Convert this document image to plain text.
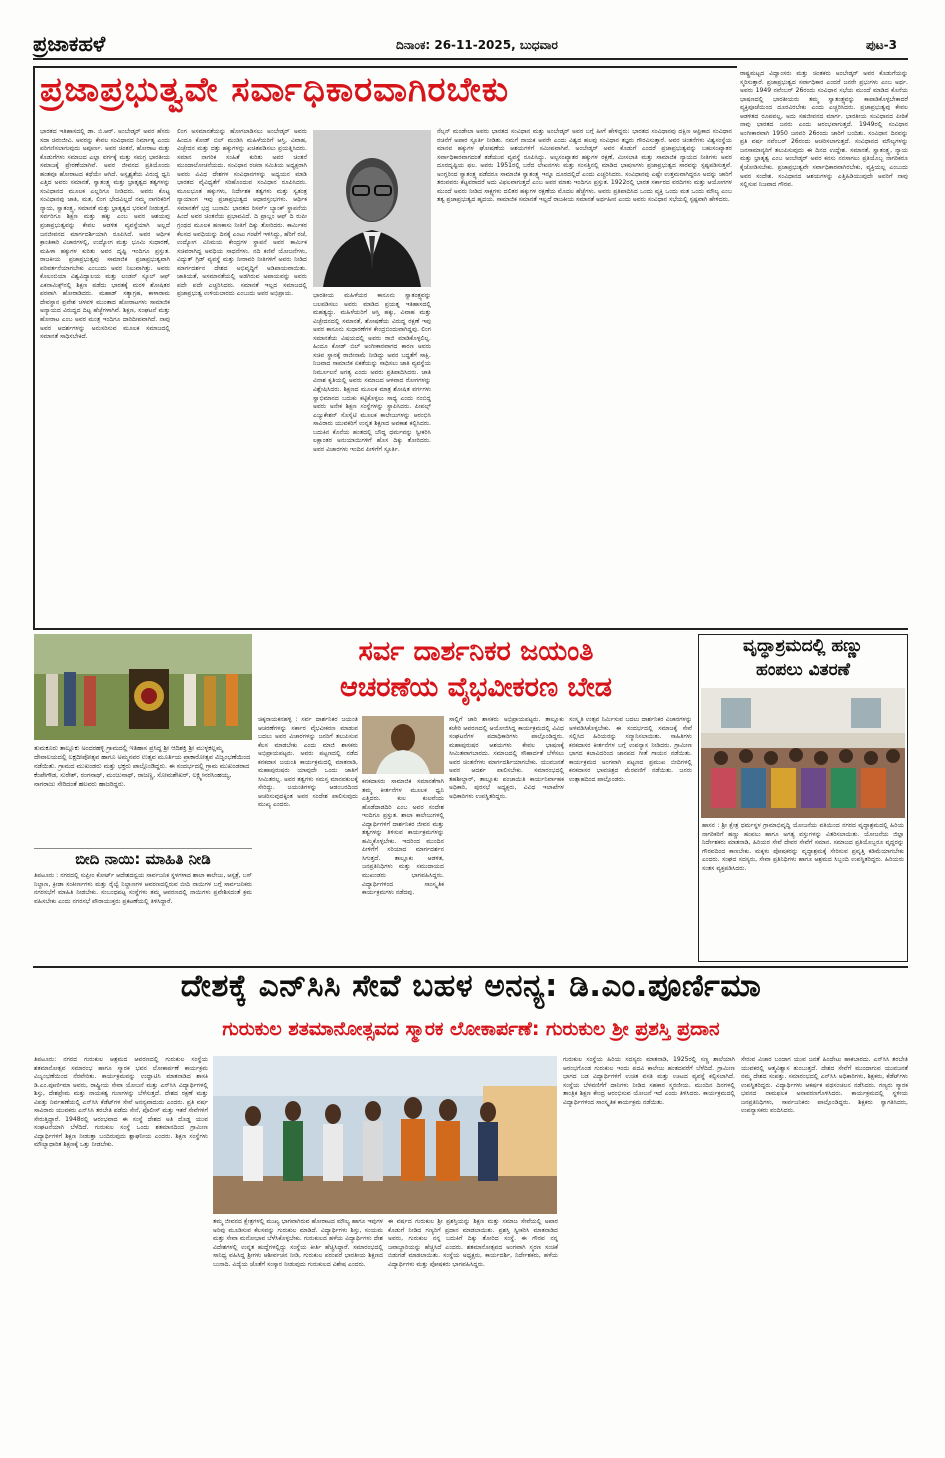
ಪ್ರಜಾಕಹಳೆ	ದಿನಾಂಕ: 26-11-2025, ಬುಧವಾರ	ಪುಟ-3
ಪ್ರಜಾಪ್ರಭುತ್ವವೇ ಸರ್ವಾಧಿಕಾರವಾಗಿರಬೇಕು
ಭಾರತದ ಇತಿಹಾಸದಲ್ಲಿ ಡಾ. ಬಿ.ಆರ್. ಅಂಬೇಡ್ಕರ್ ಅವರ ಹೆಸರು ಸದಾ ಚಿರಂಜೀವಿ. ಅವರನ್ನು ಕೇವಲ ಸಂವಿಧಾನದ ನಿರ್ಮಾತೃ ಎಂದು ಪರಿಗಣಿಸಲಾಗುವುದು ಅಪೂರ್ಣ. ಅವರ ಚಿಂತನೆ, ಹೋರಾಟ ಮತ್ತು ಕೊಡುಗೆಗಳು ಸಮಾಜದ ಎಲ್ಲಾ ವರ್ಗಕ್ಕೆ ಮತ್ತು ಸಮಗ್ರ ಭಾರತೀಯ ಸಮಾಜಕ್ಕೆ ಪ್ರೇರಣೆಯಾಗಿವೆ. ಅವರ ಜೀವನದ ಪ್ರತಿಯೊಂದು ಹಂತವೂ ಹೋರಾಟದ ಕಥೆಯೇ ಆಗಿದೆ. ಅಸ್ಪೃಶ್ಯತೆಯ ವಿರುದ್ಧ ಧ್ವನಿ ಎತ್ತಿದ ಅವರು ಸಮಾನತೆ, ಸ್ವಾತಂತ್ರ್ಯ ಮತ್ತು ಭ್ರಾತೃತ್ವದ ತತ್ವಗಳನ್ನು ಸಂವಿಧಾನದ ಮೂಲಕ ಎಲ್ಲರಿಗೂ ನೀಡಿದರು. ಅವರು ಕೊಟ್ಟ ಸಂವಿಧಾನವು ಜಾತಿ, ಮತ, ಲಿಂಗ ಭೇದವಿಲ್ಲದೆ ನಮ್ಮ ನಾಗರಿಕರಿಗೆ ನ್ಯಾಯ, ಸ್ವಾತಂತ್ರ್ಯ, ಸಮಾನತೆ ಮತ್ತು ಭ್ರಾತೃತ್ವದ ಭರವಸೆ ನೀಡುತ್ತದೆ. ಸರ್ವರಿಗೂ ಶಿಕ್ಷಣ ಮತ್ತು ಹಕ್ಕು ಎಂಬ ಅವರ ಆಶಯವು ಪ್ರಜಾಪ್ರಭುತ್ವವನ್ನು ಕೇವಲ ಆಡಳಿತ ವ್ಯವಸ್ಥೆಯಾಗಿ ಅಲ್ಲದೆ ಜನಜೀವನದ ಮಾರ್ಗದರ್ಶಿಯಾಗಿ ರೂಪಿಸಿದೆ. ಅವರ ಆರ್ಥಿಕ ಕ್ರಾಂತಿಕಾರಿ ವಿಚಾರಗಳಲ್ಲಿ, ಉದ್ಯೋಗ ಮತ್ತು ಭೂಮಿ ಸುಧಾರಣೆ, ಮಹಿಳಾ ಹಕ್ಕುಗಳ ಕುರಿತು ಅವರ ದೃಷ್ಟಿ ಇಂದಿಗೂ ಪ್ರಸ್ತುತ. ರಾಜಕೀಯ ಪ್ರಜಾಪ್ರಭುತ್ವವು ಸಾಮಾಜಿಕ ಪ್ರಜಾಪ್ರಭುತ್ವವಾಗಿ ಪರಿವರ್ತನೆಯಾಗಬೇಕು ಎಂಬುದು ಅವರ ನಿಲುವಾಗಿತ್ತು. ಅವರು ಕೊಲಂಬಿಯಾ ವಿಶ್ವವಿದ್ಯಾಲಯ ಮತ್ತು ಲಂಡನ್ ಸ್ಕೂಲ್ ಆಫ್ ಎಕನಾಮಿಕ್ಸ್‌ನಲ್ಲಿ ಶಿಕ್ಷಣ ಪಡೆದು ಭಾರತಕ್ಕೆ ಮರಳಿ ಶೋಷಿತರ ಪರವಾಗಿ ಹೋರಾಡಿದರು. ಮಹಾಡ್ ಸತ್ಯಾಗ್ರಹ, ಕಾಳಾರಾಮ ದೇವಸ್ಥಾನ ಪ್ರವೇಶ ಚಳವಳಿ ಮುಂತಾದ ಹೋರಾಟಗಳು ಸಾಮಾಜಿಕ ಅನ್ಯಾಯದ ವಿರುದ್ಧದ ದಿಟ್ಟ ಹೆಜ್ಜೆಗಳಾಗಿವೆ. ಶಿಕ್ಷಣ, ಸಂಘಟನೆ ಮತ್ತು ಹೋರಾಟ ಎಂಬ ಅವರ ಮಂತ್ರ ಇಂದಿಗೂ ದಾರಿದೀಪವಾಗಿದೆ. ನಾವು ಅವರ ಆದರ್ಶಗಳನ್ನು ಅನುಸರಿಸುವ ಮೂಲಕ ಸಮಾಜದಲ್ಲಿ ಸಮಾನತೆ ಸಾಧಿಸಬೇಕಿದೆ.
ಲಿಂಗ ಅಸಮಾನತೆಯನ್ನು ಹೋಗಲಾಡಿಸಲು ಅಂಬೇಡ್ಕರ್ ಅವರು ಹಿಂದೂ ಕೋಡ್ ಬಿಲ್ ಮಂಡಿಸಿ ಮಹಿಳೆಯರಿಗೆ ಆಸ್ತಿ, ವಿವಾಹ, ವಿಚ್ಛೇದನ ಮತ್ತು ದತ್ತು ಹಕ್ಕುಗಳನ್ನು ಖಚಿತಪಡಿಸಲು ಪ್ರಯತ್ನಿಸಿದರು. ಸಮಾನ ನಾಗರಿಕ ಸಂಹಿತೆ ಕುರಿತು ಅವರ ಚಿಂತನೆ ಮುಂದಾಲೋಚನೆಯದು. ಸಂವಿಧಾನ ರಚನಾ ಸಮಿತಿಯ ಅಧ್ಯಕ್ಷರಾಗಿ ಅವರು ವಿವಿಧ ದೇಶಗಳ ಸಂವಿಧಾನಗಳನ್ನು ಅಧ್ಯಯನ ಮಾಡಿ ಭಾರತದ ವೈವಿಧ್ಯತೆಗೆ ಸರಿಹೊಂದುವ ಸಂವಿಧಾನ ರೂಪಿಸಿದರು. ಮೂಲಭೂತ ಹಕ್ಕುಗಳು, ನಿರ್ದೇಶಕ ತತ್ವಗಳು ಮತ್ತು ಸ್ವತಂತ್ರ ನ್ಯಾಯಾಂಗ ಇವು ಪ್ರಜಾಪ್ರಭುತ್ವದ ಆಧಾರಸ್ತಂಭಗಳು. ಆರ್ಥಿಕ ಸಮಾನತೆಗೆ ಭದ್ರ ಬುನಾದಿ: ಭಾರತದ ರಿಸರ್ವ್ ಬ್ಯಾಂಕ್ ಸ್ಥಾಪನೆಯ ಹಿಂದೆ ಅವರ ಚಿಂತನೆಯ ಪ್ರಭಾವವಿದೆ. ದಿ ಪ್ರಾಬ್ಲಂ ಆಫ್ ದಿ ರುಪೀ ಗ್ರಂಥದ ಮೂಲಕ ಹಣಕಾಸು ನೀತಿಗೆ ದಿಕ್ಕು ತೋರಿದರು. ಕಾರ್ಮಿಕರ ಕೆಲಸದ ಅವಧಿಯನ್ನು ದಿನಕ್ಕೆ ಎಂಟು ಗಂಟೆಗೆ ಇಳಿಸಿದ್ದು, ಹೆರಿಗೆ ರಜೆ, ಉದ್ಯೋಗ ವಿನಿಮಯ ಕೇಂದ್ರಗಳ ಸ್ಥಾಪನೆ ಅವರ ಕಾರ್ಮಿಕ ಸಚಿವರಾಗಿದ್ದ ಅವಧಿಯ ಸಾಧನೆಗಳು. ನದಿ ಕಣಿವೆ ಯೋಜನೆಗಳು, ವಿದ್ಯುತ್ ಗ್ರಿಡ್ ವ್ಯವಸ್ಥೆ ಮತ್ತು ನೀರಾವರಿ ನೀತಿಗಳಿಗೆ ಅವರು ನೀಡಿದ ಮಾರ್ಗದರ್ಶನ ದೇಶದ ಅಭಿವೃದ್ಧಿಗೆ ಅಡಿಪಾಯವಾಯಿತು. ಜಾತಿಯತೆ, ಅಸಮಾನತೆಯಲ್ಲಿ ಅಡಗಿರುವ ಅಪಾಯವನ್ನು ಅವರು ಪದೇ ಪದೇ ಎಚ್ಚರಿಸಿದರು. ಸಮಾನತೆ ಇಲ್ಲದ ಸಮಾಜದಲ್ಲಿ ಪ್ರಜಾಪ್ರಭುತ್ವ ಉಳಿಯಲಾರದು ಎಂಬುದು ಅವರ ಅಭಿಪ್ರಾಯ.	ಭಾರತೀಯ ಮಹಿಳೆಯರ ಕಾನೂನು ಸ್ವಾತಂತ್ರ್ಯವನ್ನು ಬಲಪಡಿಸಲು ಅವರು ಮಾಡಿದ ಪ್ರಯತ್ನ ಇತಿಹಾಸದಲ್ಲಿ ಮಹತ್ವದ್ದು. ಮಹಿಳೆಯರಿಗೆ ಆಸ್ತಿ ಹಕ್ಕು, ವಿವಾಹ ಮತ್ತು ವಿಚ್ಛೇದನದಲ್ಲಿ ಸಮಾನತೆ, ಶೋಷಣೆಯ ವಿರುದ್ಧ ರಕ್ಷಣೆ ಇವು ಅವರ ಕಾನೂನು ಸುಧಾರಣೆಗಳ ಕೇಂದ್ರಬಿಂದುವಾಗಿದ್ದವು. ಲಿಂಗ ಸಮಾನತೆಯ ವಿಷಯದಲ್ಲಿ ಅವರು ರಾಜಿ ಮಾಡಿಕೊಳ್ಳಲಿಲ್ಲ. ಹಿಂದೂ ಕೋಡ್ ಬಿಲ್ ಅಂಗೀಕಾರವಾಗದ ಕಾರಣ ಅವರು ಸಚಿವ ಸ್ಥಾನಕ್ಕೆ ರಾಜೀನಾಮೆ ನೀಡಿದ್ದು ಅವರ ಬದ್ಧತೆಗೆ ಸಾಕ್ಷಿ. ನಿಜವಾದ ಸಾಮಾಜಿಕ ಏಕತೆಯನ್ನು ಸಾಧಿಸಲು ಜಾತಿ ವ್ಯವಸ್ಥೆಯ ನಿರ್ಮೂಲನೆ ಅಗತ್ಯ ಎಂದು ಅವರು ಪ್ರತಿಪಾದಿಸಿದರು. ಜಾತಿ ವಿನಾಶ ಕೃತಿಯಲ್ಲಿ ಅವರು ಸಮಾಜದ ಆಳವಾದ ರೋಗಗಳನ್ನು ವಿಶ್ಲೇಷಿಸಿದರು. ಶಿಕ್ಷಣದ ಮೂಲಕ ಮಾತ್ರ ಶೋಷಿತ ವರ್ಗಗಳು ಸ್ವಾಭಿಮಾನದ ಬದುಕು ಕಟ್ಟಿಕೊಳ್ಳಲು ಸಾಧ್ಯ ಎಂದು ನಂಬಿದ್ದ ಅವರು ಅನೇಕ ಶಿಕ್ಷಣ ಸಂಸ್ಥೆಗಳನ್ನು ಸ್ಥಾಪಿಸಿದರು. ಪೀಪಲ್ಸ್ ಎಜ್ಯುಕೇಶನ್ ಸೊಸೈಟಿ ಮೂಲಕ ಕಾಲೇಜುಗಳನ್ನು ಆರಂಭಿಸಿ ಸಾವಿರಾರು ಯುವಕರಿಗೆ ಉನ್ನತ ಶಿಕ್ಷಣದ ಅವಕಾಶ ಕಲ್ಪಿಸಿದರು. ಬದುಕಿನ ಕೊನೆಯ ಹಂತದಲ್ಲಿ ಬೌದ್ಧ ಧರ್ಮವನ್ನು ಸ್ವೀಕರಿಸಿ ಲಕ್ಷಾಂತರ ಅನುಯಾಯಿಗಳಿಗೆ ಹೊಸ ದಿಕ್ಕು ತೋರಿದರು. ಅವರ ವಿಚಾರಗಳು ಇಂದಿನ ಪೀಳಿಗೆಗೆ ಸ್ಫೂರ್ತಿ.
ನೆಲ್ಸನ್ ಮಂಡೇಲಾ ಅವರು ಭಾರತದ ಸಂವಿಧಾನ ಮತ್ತು ಅಂಬೇಡ್ಕರ್ ಅವರ ಬಗ್ಗೆ ಹೀಗೆ ಹೇಳಿದ್ದರು: ಭಾರತದ ಸಂವಿಧಾನವು ದಕ್ಷಿಣ ಆಫ್ರಿಕಾದ ಸಂವಿಧಾನ ರಚನೆಗೆ ಅಪಾರ ಸ್ಫೂರ್ತಿ ನೀಡಿತು. ನಮಗೆ ನಾಯಕ ಅವರೇ ಎಂದು ವಿಶ್ವದ ಹಲವು ಸಂವಿಧಾನ ತಜ್ಞರು ಗೌರವಿಸುತ್ತಾರೆ. ಅವರ ಚಿಂತನೆಗಳು ವಿಶ್ವಸಂಸ್ಥೆಯ ಮಾನವ ಹಕ್ಕುಗಳ ಘೋಷಣೆಯ ಆಶಯಗಳಿಗೆ ಸಮೀಪವಾಗಿವೆ. ಅಂಬೇಡ್ಕರ್ ಅವರ ಕೊಡುಗೆ ಎಂದರೆ ಪ್ರಜಾಪ್ರಭುತ್ವವನ್ನು ಬಹುಸಂಖ್ಯಾತರ ಸರ್ವಾಧಿಕಾರವಾಗದಂತೆ ತಡೆಯುವ ವ್ಯವಸ್ಥೆ ರೂಪಿಸಿದ್ದು. ಅಲ್ಪಸಂಖ್ಯಾತರ ಹಕ್ಕುಗಳ ರಕ್ಷಣೆ, ಮೀಸಲಾತಿ ಮತ್ತು ಸಾಮಾಜಿಕ ನ್ಯಾಯದ ನೀತಿಗಳು ಅವರ ದೂರದೃಷ್ಟಿಯ ಫಲ. ಅವರು 1951ರಲ್ಲಿ ಬರೆದ ಲೇಖನಗಳು ಮತ್ತು ಸಂಸತ್ತಿನಲ್ಲಿ ಮಾಡಿದ ಭಾಷಣಗಳು ಪ್ರಜಾಪ್ರಭುತ್ವದ ಸಾರವನ್ನು ಸ್ಪಷ್ಟಪಡಿಸುತ್ತವೆ. ಅಂಗ್ಲರಿಂದ ಸ್ವಾತಂತ್ರ್ಯ ಪಡೆದರೂ ಸಾಮಾಜಿಕ ಸ್ವಾತಂತ್ರ್ಯ ಇನ್ನೂ ದೂರದಲ್ಲಿದೆ ಎಂದು ಎಚ್ಚರಿಸಿದರು. ಸಂವಿಧಾನವು ಎಷ್ಟೇ ಉತ್ತಮವಾಗಿದ್ದರೂ ಅದನ್ನು ಜಾರಿಗೆ ತರುವವರು ಕೆಟ್ಟವರಾದರೆ ಅದು ವಿಫಲವಾಗುತ್ತದೆ ಎಂಬ ಅವರ ಮಾತು ಇಂದಿಗೂ ಪ್ರಸ್ತುತ. 1922ರಲ್ಲಿ ಭಾರತ ಸರ್ಕಾರದ ವರದಿಗಳು ಮತ್ತು ಆಯೋಗಗಳ ಮುಂದೆ ಅವರು ನೀಡಿದ ಸಾಕ್ಷ್ಯಗಳು ದಲಿತರ ಹಕ್ಕುಗಳ ರಕ್ಷಣೆಯ ಮೊದಲ ಹೆಜ್ಜೆಗಳು. ಅವರು ಪ್ರತಿಪಾದಿಸಿದ ಒಂದು ವ್ಯಕ್ತಿ ಒಂದು ಮತ ಒಂದು ಮೌಲ್ಯ ಎಂಬ ತತ್ವ ಪ್ರಜಾಪ್ರಭುತ್ವದ ಹೃದಯ. ಸಾಮಾಜಿಕ ಸಮಾನತೆ ಇಲ್ಲದೆ ರಾಜಕೀಯ ಸಮಾನತೆ ಅರ್ಥಹೀನ ಎಂದು ಅವರು ಸಂವಿಧಾನ ಸಭೆಯಲ್ಲಿ ಸ್ಪಷ್ಟವಾಗಿ ಹೇಳಿದರು.
ರಾಷ್ಟ್ರಮಟ್ಟದ ವಿದ್ವಾಂಸರು ಮತ್ತು ಚಿಂತಕರು ಅಂಬೇಡ್ಕರ್ ಅವರ ಕೊಡುಗೆಯನ್ನು ಸ್ಮರಿಸುತ್ತಾರೆ. ಪ್ರಜಾಪ್ರಭುತ್ವದ ಸರ್ವಾಧಿಕಾರ ಎಂದರೆ ಜನರೇ ಪ್ರಭುಗಳು ಎಂಬ ಅರ್ಥ. ಅವರು 1949 ನವೆಂಬರ್ 26ರಂದು ಸಂವಿಧಾನ ಸಭೆಯ ಮುಂದೆ ಮಾಡಿದ ಕೊನೆಯ ಭಾಷಣದಲ್ಲಿ ಭಾರತೀಯರು ತಮ್ಮ ಸ್ವಾತಂತ್ರ್ಯವನ್ನು ಕಾಪಾಡಿಕೊಳ್ಳಬೇಕಾದರೆ ವ್ಯಕ್ತಿಪೂಜೆಯಿಂದ ದೂರವಿರಬೇಕು ಎಂದು ಎಚ್ಚರಿಸಿದರು. ಪ್ರಜಾಪ್ರಭುತ್ವವು ಕೇವಲ ಆಡಳಿತದ ರೂಪವಲ್ಲ, ಅದು ಸಹಜೀವನದ ಮಾರ್ಗ. ಭಾರತೀಯ ಸಂವಿಧಾನದ ಪೀಠಿಕೆ ನಾವು ಭಾರತದ ಜನರು ಎಂದು ಆರಂಭವಾಗುತ್ತದೆ. 1949ರಲ್ಲಿ ಸಂವಿಧಾನ ಅಂಗೀಕಾರವಾಗಿ 1950 ಜನವರಿ 26ರಂದು ಜಾರಿಗೆ ಬಂದಿತು. ಸಂವಿಧಾನ ದಿನವನ್ನು ಪ್ರತಿ ವರ್ಷ ನವೆಂಬರ್ 26ರಂದು ಆಚರಿಸಲಾಗುತ್ತದೆ. ಸಂವಿಧಾನದ ಮೌಲ್ಯಗಳನ್ನು ಜನಸಾಮಾನ್ಯರಿಗೆ ತಲುಪಿಸುವುದು ಈ ದಿನದ ಉದ್ದೇಶ. ಸಮಾನತೆ, ಸ್ವಾತಂತ್ರ್ಯ, ನ್ಯಾಯ ಮತ್ತು ಭ್ರಾತೃತ್ವ ಎಂಬ ಅಂಬೇಡ್ಕರ್ ಅವರ ಕನಸು ನನಸಾಗಲು ಪ್ರತಿಯೊಬ್ಬ ನಾಗರಿಕರೂ ಕೈಜೋಡಿಸಬೇಕು. ಪ್ರಜಾಪ್ರಭುತ್ವವೇ ಸರ್ವಾಧಿಕಾರವಾಗಿರಬೇಕು, ವ್ಯಕ್ತಿಯಲ್ಲ ಎಂಬುದು ಅವರ ಸಂದೇಶ. ಸಂವಿಧಾನದ ಆಶಯಗಳನ್ನು ಎತ್ತಿಹಿಡಿಯುವುದೇ ಅವರಿಗೆ ನಾವು ಸಲ್ಲಿಸುವ ನಿಜವಾದ ಗೌರವ.
ತುಮಕೂರು ತಾಲ್ಲೂಕು ಅಂದರಹಳ್ಳಿ ಗ್ರಾಮದಲ್ಲಿ ಇತಿಹಾಸ ಪ್ರಸಿದ್ಧ ಶ್ರೀ ಆದಿಶಕ್ತಿ ಶ್ರೀ ಮುಳ್ಳಕಲ್ಲಮ್ಮ ದೇವಾಲಯದಲ್ಲಿ ಲಕ್ಷದೀಪೋತ್ಸವ ಹಾಗೂ ಅಮ್ಮನವರ ಉತ್ಸವ ಮೂರ್ತಿಯ ಪ್ರಾಕಾರೋತ್ಸವ ವಿಜೃಂಭಣೆಯಿಂದ ನಡೆಯಿತು. ಗ್ರಾಮದ ಮುಖಂಡರು ಮತ್ತು ಭಕ್ತರು ಪಾಲ್ಗೊಂಡಿದ್ದರು. ಈ ಸಂದರ್ಭದಲ್ಲಿ ಗ್ರಾಮ ಮುಖಂಡರಾದ ಕೆಂಪೇಗೌಡ, ಸುರೇಶ್, ರಂಗನಾಥ್, ಮಂಜುನಾಥ್, ರಾಜಣ್ಣ, ಸೋಮಶೇಖರ್, ಲಕ್ಷ್ಮೀನರಸಿಂಹಯ್ಯ, ನಾಗರಾಜು ಸೇರಿದಂತೆ ಹಲವರು ಹಾಜರಿದ್ದರು.
ಸರ್ವ ದಾರ್ಶನಿಕರ ಜಯಂತಿ
ಆಚರಣೆಯ ವೈಭವೀಕರಣ ಬೇಡ
ಚಿಕ್ಕನಾಯಕನಹಳ್ಳಿ : ಸರ್ವ ದಾರ್ಶನಿಕರ ಜಯಂತಿ ಆಚರಣೆಗಳನ್ನು ಸರ್ಕಾರ ವೈಭವೀಕರಣ ಮಾಡುವ ಬದಲು ಅವರ ವಿಚಾರಗಳನ್ನು ಜನರಿಗೆ ತಲುಪಿಸುವ ಕೆಲಸ ಮಾಡಬೇಕು ಎಂದು ಮಾಜಿ ಶಾಸಕರು ಅಭಿಪ್ರಾಯಪಟ್ಟರು. ಅವರು ಪಟ್ಟಣದಲ್ಲಿ ನಡೆದ ಕನಕದಾಸ ಜಯಂತಿ ಕಾರ್ಯಕ್ರಮದಲ್ಲಿ ಮಾತನಾಡಿ, ಮಹಾಪುರುಷರು ಯಾವುದೇ ಒಂದು ಜಾತಿಗೆ ಸೀಮಿತರಲ್ಲ. ಅವರ ತತ್ವಗಳು ಸಮಸ್ತ ಮಾನವಕುಲಕ್ಕೆ ಸೇರಿದ್ದು. ಜಯಂತಿಗಳನ್ನು ಆಡಂಬರದಿಂದ ಆಚರಿಸುವುದಕ್ಕಿಂತ ಅವರ ಸಂದೇಶ ಪಾಲಿಸುವುದು ಮುಖ್ಯ ಎಂದರು.
ಕನಕದಾಸರು ಸಾಮಾಜಿಕ ಸಮಾನತೆಗಾಗಿ ತಮ್ಮ ಕೀರ್ತನೆಗಳ ಮೂಲಕ ಧ್ವನಿ ಎತ್ತಿದರು. ಕುಲ ಕುಲವೆಂದು ಹೊಡೆದಾಡದಿರಿ ಎಂಬ ಅವರ ಸಂದೇಶ ಇಂದಿಗೂ ಪ್ರಸ್ತುತ. ಶಾಲಾ ಕಾಲೇಜುಗಳಲ್ಲಿ ವಿದ್ಯಾರ್ಥಿಗಳಿಗೆ ದಾರ್ಶನಿಕರ ಜೀವನ ಮತ್ತು ತತ್ವಗಳನ್ನು ತಿಳಿಸುವ ಕಾರ್ಯಕ್ರಮಗಳನ್ನು ಹಮ್ಮಿಕೊಳ್ಳಬೇಕು. ಇದರಿಂದ ಮುಂದಿನ ಪೀಳಿಗೆಗೆ ಸರಿಯಾದ ಮಾರ್ಗದರ್ಶನ ಸಿಗುತ್ತದೆ. ತಾಲ್ಲೂಕು ಆಡಳಿತ, ಜನಪ್ರತಿನಿಧಿಗಳು ಮತ್ತು ಸಮುದಾಯದ ಮುಖಂಡರು ಭಾಗವಹಿಸಿದ್ದರು. ವಿದ್ಯಾರ್ಥಿಗಳಿಂದ ಸಾಂಸ್ಕೃತಿಕ ಕಾರ್ಯಕ್ರಮಗಳು ನಡೆದವು.
ಸಾಲ್ಲಿಗೆ ಜಾರಿ ಶಾಸಕರು ಅಭಿಪ್ರಾಯಪಟ್ಟರು. ತಾಲ್ಲೂಕು ಕಚೇರಿ ಆವರಣದಲ್ಲಿ ಆಯೋಜಿಸಿದ್ದ ಕಾರ್ಯಕ್ರಮದಲ್ಲಿ ವಿವಿಧ ಸಂಘಟನೆಗಳ ಪದಾಧಿಕಾರಿಗಳು ಪಾಲ್ಗೊಂಡಿದ್ದರು. ಮಹಾಪುರುಷರ ಆಶಯಗಳು ಕೇವಲ ಭಾಷಣಕ್ಕೆ ಸೀಮಿತವಾಗಬಾರದು. ಸಮಾಜದಲ್ಲಿ ಸೌಹಾರ್ದತೆ ಬೆಳೆಸಲು ಅವರ ಚಿಂತನೆಗಳು ಮಾರ್ಗದರ್ಶಿಯಾಗಬೇಕು. ಯುವಜನತೆ ಅವರ ಆದರ್ಶ ಪಾಲಿಸಬೇಕು. ಸಮಾರಂಭದಲ್ಲಿ ತಹಶೀಲ್ದಾರ್, ತಾಲ್ಲೂಕು ಪಂಚಾಯಿತಿ ಕಾರ್ಯನಿರ್ವಾಹಕ ಅಧಿಕಾರಿ, ಪುರಸಭೆ ಅಧ್ಯಕ್ಷರು, ವಿವಿಧ ಇಲಾಖೆಗಳ ಅಧಿಕಾರಿಗಳು ಉಪಸ್ಥಿತರಿದ್ದರು.
ಸಂಸ್ಕೃತಿ ಉತ್ಸವ ನಿರ್ಮಿಸುವ ಬದಲು ದಾರ್ಶನಿಕರ ವಿಚಾರಗಳನ್ನು ಅಳವಡಿಸಿಕೊಳ್ಳಬೇಕು. ಈ ಸಂದರ್ಭದಲ್ಲಿ ಸಮಾಜಕ್ಕೆ ಸೇವೆ ಸಲ್ಲಿಸಿದ ಹಿರಿಯರನ್ನು ಸನ್ಮಾನಿಸಲಾಯಿತು. ಸಾಹಿತಿಗಳು ಕನಕದಾಸರ ಕೀರ್ತನೆಗಳ ಬಗ್ಗೆ ಉಪನ್ಯಾಸ ನೀಡಿದರು. ಗ್ರಾಮೀಣ ಭಾಗದ ಕಲಾವಿದರಿಂದ ಜಾನಪದ ಗೀತೆ ಗಾಯನ ನಡೆಯಿತು. ಕಾರ್ಯಕ್ರಮದ ಅಂಗವಾಗಿ ಪಟ್ಟಣದ ಪ್ರಮುಖ ಬೀದಿಗಳಲ್ಲಿ ಕನಕದಾಸರ ಭಾವಚಿತ್ರದ ಮೆರವಣಿಗೆ ನಡೆಯಿತು. ಜನರು ಉತ್ಸಾಹದಿಂದ ಪಾಲ್ಗೊಂಡರು.
ಬೀದಿ ನಾಯಿ: ಮಾಹಿತಿ ನೀಡಿ
ತಿಪಟೂರು : ನಗರದಲ್ಲಿ ಸುಪ್ರೀಂ ಕೋರ್ಟ್ ಆದೇಶದನ್ವಯ ಸಾರ್ವಜನಿಕ ಸ್ಥಳಗಳಾದ ಶಾಲಾ ಕಾಲೇಜು, ಆಸ್ಪತ್ರೆ, ಬಸ್ ನಿಲ್ದಾಣ, ಕ್ರೀಡಾ ಸಂಕೀರ್ಣಗಳು ಮತ್ತು ರೈಲ್ವೆ ನಿಲ್ದಾಣಗಳ ಆವರಣದಲ್ಲಿರುವ ಬೀದಿ ನಾಯಿಗಳ ಬಗ್ಗೆ ಸಾರ್ವಜನಿಕರು ನಗರಸಭೆಗೆ ಮಾಹಿತಿ ನೀಡಬೇಕು. ಸಂಬಂಧಪಟ್ಟ ಸಂಸ್ಥೆಗಳು ತಮ್ಮ ಆವರಣದಲ್ಲಿ ನಾಯಿಗಳು ಪ್ರವೇಶಿಸದಂತೆ ಕ್ರಮ ವಹಿಸಬೇಕು ಎಂದು ನಗರಸಭೆ ಪೌರಾಯುಕ್ತರು ಪ್ರಕಟಣೆಯಲ್ಲಿ ತಿಳಿಸಿದ್ದಾರೆ.
ವೃದ್ಧಾಶ್ರಮದಲ್ಲಿ ಹಣ್ಣು
ಹಂಪಲು ವಿತರಣೆ
ಹಾಸನ : ಶ್ರೀ ಕ್ಷೇತ್ರ ಧರ್ಮಸ್ಥಳ ಗ್ರಾಮಾಭಿವೃದ್ಧಿ ಯೋಜನೆಯ ವತಿಯಿಂದ ನಗರದ ವೃದ್ಧಾಶ್ರಮದಲ್ಲಿ ಹಿರಿಯ ನಾಗರಿಕರಿಗೆ ಹಣ್ಣು ಹಂಪಲು ಹಾಗೂ ಅಗತ್ಯ ವಸ್ತುಗಳನ್ನು ವಿತರಿಸಲಾಯಿತು. ಯೋಜನೆಯ ಜಿಲ್ಲಾ ನಿರ್ದೇಶಕರು ಮಾತನಾಡಿ, ಹಿರಿಯರ ಸೇವೆ ದೇವರ ಸೇವೆಗೆ ಸಮಾನ. ಸಮಾಜದ ಪ್ರತಿಯೊಬ್ಬರೂ ವೃದ್ಧರನ್ನು ಗೌರವದಿಂದ ಕಾಣಬೇಕು. ಮಕ್ಕಳು ಪೋಷಕರನ್ನು ವೃದ್ಧಾಶ್ರಮಕ್ಕೆ ಸೇರಿಸುವ ಪ್ರವೃತ್ತಿ ಕಡಿಮೆಯಾಗಬೇಕು ಎಂದರು. ಸಂಘದ ಸದಸ್ಯರು, ಸೇವಾ ಪ್ರತಿನಿಧಿಗಳು ಹಾಗೂ ಆಶ್ರಮದ ಸಿಬ್ಬಂದಿ ಉಪಸ್ಥಿತರಿದ್ದರು. ಹಿರಿಯರು ಸಂತಸ ವ್ಯಕ್ತಪಡಿಸಿದರು.
ದೇಶಕ್ಕೆ ಎನ್‌ಸಿಸಿ ಸೇವೆ ಬಹಳ ಅನನ್ಯ: ಡಿ.ಎಂ.ಪೂರ್ಣಿಮಾ
ಗುರುಕುಲ ಶತಮಾನೋತ್ಸವದ ಸ್ಮಾರಕ ಲೋಕಾರ್ಪಣೆ: ಗುರುಕುಲ ಶ್ರೀ ಪ್ರಶಸ್ತಿ ಪ್ರದಾನ
ತಿಪಟೂರು: ನಗರದ ಗುರುಕುಲ ಆಶ್ರಮದ ಆವರಣದಲ್ಲಿ ಗುರುಕುಲ ಸಂಸ್ಥೆಯ ಶತಮಾನೋತ್ಸವ ಸಮಾರಂಭ ಹಾಗೂ ಸ್ಮಾರಕ ಭವನ ಲೋಕಾರ್ಪಣೆ ಕಾರ್ಯಕ್ರಮ ವಿಜೃಂಭಣೆಯಿಂದ ನೆರವೇರಿತು. ಕಾರ್ಯಕ್ರಮವನ್ನು ಉದ್ಘಾಟಿಸಿ ಮಾತನಾಡಿದ ಶಾಸಕಿ ಡಿ.ಎಂ.ಪೂರ್ಣಿಮಾ ಅವರು, ರಾಷ್ಟ್ರೀಯ ಸೇವಾ ಯೋಜನೆ ಮತ್ತು ಎನ್‌ಸಿಸಿ ವಿದ್ಯಾರ್ಥಿಗಳಲ್ಲಿ ಶಿಸ್ತು, ದೇಶಪ್ರೇಮ ಮತ್ತು ನಾಯಕತ್ವ ಗುಣಗಳನ್ನು ಬೆಳೆಸುತ್ತದೆ. ದೇಶದ ರಕ್ಷಣೆ ಮತ್ತು ವಿಪತ್ತು ನಿರ್ವಹಣೆಯಲ್ಲಿ ಎನ್‌ಸಿಸಿ ಕೆಡೆಟ್‌ಗಳ ಸೇವೆ ಅನನ್ಯವಾದುದು ಎಂದರು. ಪ್ರತಿ ವರ್ಷ ಸಾವಿರಾರು ಯುವಕರು ಎನ್‌ಸಿಸಿ ತರಬೇತಿ ಪಡೆದು ಸೇನೆ, ಪೊಲೀಸ್ ಮತ್ತು ಇತರೆ ಸೇವೆಗಳಿಗೆ ಸೇರುತ್ತಿದ್ದಾರೆ. 1948ರಲ್ಲಿ ಆರಂಭವಾದ ಈ ಸಂಸ್ಥೆ ದೇಶದ ಅತಿ ದೊಡ್ಡ ಯುವ ಸಂಘಟನೆಯಾಗಿ ಬೆಳೆದಿದೆ. ಗುರುಕುಲ ಸಂಸ್ಥೆ ಒಂದು ಶತಮಾನದಿಂದ ಗ್ರಾಮೀಣ ವಿದ್ಯಾರ್ಥಿಗಳಿಗೆ ಶಿಕ್ಷಣ ನೀಡುತ್ತಾ ಬಂದಿರುವುದು ಶ್ಲಾಘನೀಯ ಎಂದರು. ಶಿಕ್ಷಣ ಸಂಸ್ಥೆಗಳು ಮೌಲ್ಯಾಧಾರಿತ ಶಿಕ್ಷಣಕ್ಕೆ ಒತ್ತು ನೀಡಬೇಕು.
ತಮ್ಮ ಜೀವನದ ಕ್ಷೇತ್ರಗಳಲ್ಲಿ ಮುಖ್ಯ ಭಾಗವಾಗಿರುವ ಹೋರಾಟದ ಮೌಲ್ಯ ಹಾಗೂ ಇವುಗಳ ಅರಿವು ಮೂಡಿಸುವ ಕೆಲಸವನ್ನು ಗುರುಕುಲ ಮಾಡಿದೆ. ವಿದ್ಯಾರ್ಥಿಗಳು ಶಿಸ್ತು, ಸಂಯಮ ಮತ್ತು ಸೇವಾ ಮನೋಭಾವ ಬೆಳೆಸಿಕೊಳ್ಳಬೇಕು. ಗುರುಕುಲದ ಹಳೆಯ ವಿದ್ಯಾರ್ಥಿಗಳು ದೇಶ ವಿದೇಶಗಳಲ್ಲಿ ಉನ್ನತ ಹುದ್ದೆಗಳಲ್ಲಿದ್ದು ಸಂಸ್ಥೆಯ ಕೀರ್ತಿ ಹೆಚ್ಚಿಸಿದ್ದಾರೆ. ಸಮಾರಂಭದಲ್ಲಿ ಸಾನಿಧ್ಯ ವಹಿಸಿದ್ದ ಶ್ರೀಗಳು ಆಶೀರ್ವಚನ ನೀಡಿ, ಗುರುಕುಲ ಪರಂಪರೆ ಭಾರತೀಯ ಶಿಕ್ಷಣದ ಬುನಾದಿ. ವಿದ್ಯೆಯ ಜೊತೆಗೆ ಸಂಸ್ಕಾರ ನೀಡುವುದು ಗುರುಕುಲದ ವಿಶೇಷ ಎಂದರು.
ಈ ವರ್ಷದ ಗುರುಕುಲ ಶ್ರೀ ಪ್ರಶಸ್ತಿಯನ್ನು ಶಿಕ್ಷಣ ಮತ್ತು ಸಮಾಜ ಸೇವೆಯಲ್ಲಿ ಅಪಾರ ಕೊಡುಗೆ ನೀಡಿದ ಗಣ್ಯರಿಗೆ ಪ್ರದಾನ ಮಾಡಲಾಯಿತು. ಪ್ರಶಸ್ತಿ ಸ್ವೀಕರಿಸಿ ಮಾತನಾಡಿದ ಅವರು, ಗುರುಕುಲ ನನ್ನ ಬದುಕಿಗೆ ದಿಕ್ಕು ತೋರಿದ ಸಂಸ್ಥೆ. ಈ ಗೌರವ ನನ್ನ ಜವಾಬ್ದಾರಿಯನ್ನು ಹೆಚ್ಚಿಸಿದೆ ಎಂದರು. ಶತಮಾನೋತ್ಸವದ ಅಂಗವಾಗಿ ಸ್ಮರಣ ಸಂಚಿಕೆ ಬಿಡುಗಡೆ ಮಾಡಲಾಯಿತು. ಸಂಸ್ಥೆಯ ಅಧ್ಯಕ್ಷರು, ಕಾರ್ಯದರ್ಶಿ, ನಿರ್ದೇಶಕರು, ಹಳೆಯ ವಿದ್ಯಾರ್ಥಿಗಳು ಮತ್ತು ಪೋಷಕರು ಭಾಗವಹಿಸಿದ್ದರು.
ಗುರುಕುಲ ಸಂಸ್ಥೆಯ ಹಿರಿಯ ಸದಸ್ಯರು ಮಾತನಾಡಿ, 1925ರಲ್ಲಿ ಸಣ್ಣ ಶಾಲೆಯಾಗಿ ಆರಂಭಗೊಂಡ ಗುರುಕುಲ ಇಂದು ಪದವಿ ಕಾಲೇಜು ಹಂತದವರೆಗೆ ಬೆಳೆದಿದೆ. ಗ್ರಾಮೀಣ ಭಾಗದ ಬಡ ವಿದ್ಯಾರ್ಥಿಗಳಿಗೆ ಉಚಿತ ವಸತಿ ಮತ್ತು ಊಟದ ವ್ಯವಸ್ಥೆ ಕಲ್ಪಿಸಲಾಗಿದೆ. ಸಂಸ್ಥೆಯ ಬೆಳವಣಿಗೆಗೆ ದಾನಿಗಳು ನೀಡಿದ ಸಹಕಾರ ಸ್ಮರಣೀಯ. ಮುಂದಿನ ದಿನಗಳಲ್ಲಿ ತಾಂತ್ರಿಕ ಶಿಕ್ಷಣ ಕೇಂದ್ರ ಆರಂಭಿಸುವ ಯೋಜನೆ ಇದೆ ಎಂದು ತಿಳಿಸಿದರು. ಕಾರ್ಯಕ್ರಮದಲ್ಲಿ ವಿದ್ಯಾರ್ಥಿಗಳಿಂದ ಸಾಂಸ್ಕೃತಿಕ ಕಾರ್ಯಕ್ರಮ ನಡೆಯಿತು.
ಸೇರುವ ವಿಚಾರ ಬಂದಾಗ ಯುವ ಜನತೆ ಹಿಂದೇಟು ಹಾಕಬಾರದು. ಎನ್‌ಸಿಸಿ ತರಬೇತಿ ಯುವಕರಲ್ಲಿ ಆತ್ಮವಿಶ್ವಾಸ ತುಂಬುತ್ತದೆ. ದೇಶದ ಸೇವೆಗೆ ಮುಂದಾಗುವ ಯುವಜನತೆ ನಮ್ಮ ದೇಶದ ಸಂಪತ್ತು. ಸಮಾರಂಭದಲ್ಲಿ ಎನ್‌ಸಿಸಿ ಅಧಿಕಾರಿಗಳು, ಶಿಕ್ಷಕರು, ಕೆಡೆಟ್‌ಗಳು ಉಪಸ್ಥಿತರಿದ್ದರು. ವಿದ್ಯಾರ್ಥಿಗಳು ಆಕರ್ಷಕ ಪಥಸಂಚಲನ ನಡೆಸಿದರು. ಗಣ್ಯರು ಸ್ಮಾರಕ ಭವನದ ನಾಮಫಲಕ ಅನಾವರಣಗೊಳಿಸಿದರು. ಕಾರ್ಯಕ್ರಮದಲ್ಲಿ ಸ್ಥಳೀಯ ಜನಪ್ರತಿನಿಧಿಗಳು, ಸಾರ್ವಜನಿಕರು ಪಾಲ್ಗೊಂಡಿದ್ದರು. ಶಿಕ್ಷಕರು ಸ್ವಾಗತಿಸಿದರು, ಉಪನ್ಯಾಸಕರು ವಂದಿಸಿದರು.
